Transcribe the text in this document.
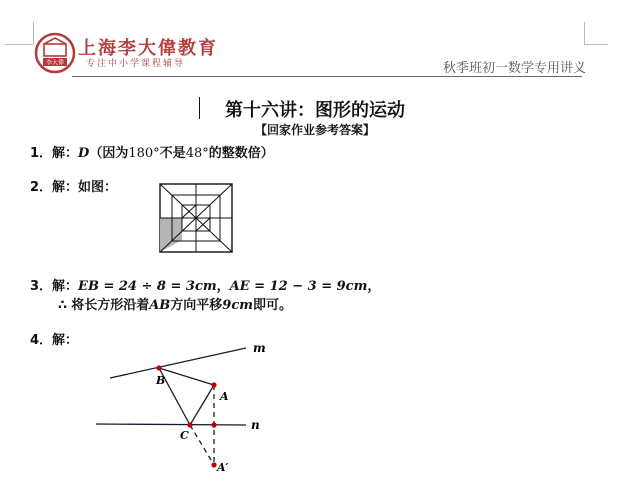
李大偉
上海李大偉教育
专注中小学课程辅导	秋季班初一数学专用讲义
第十六讲：图形的运动
【回家作业参考答案】
1．解：D（因为180°不是48°的整数倍）
2．解：如图：
3．解：EB = 24 ÷ 8 = 3cm，AE = 12 − 3 = 9cm，
∴ 将长方形沿着AB方向平移9cm即可。
4．解：	m
n
B
A
C
A′
